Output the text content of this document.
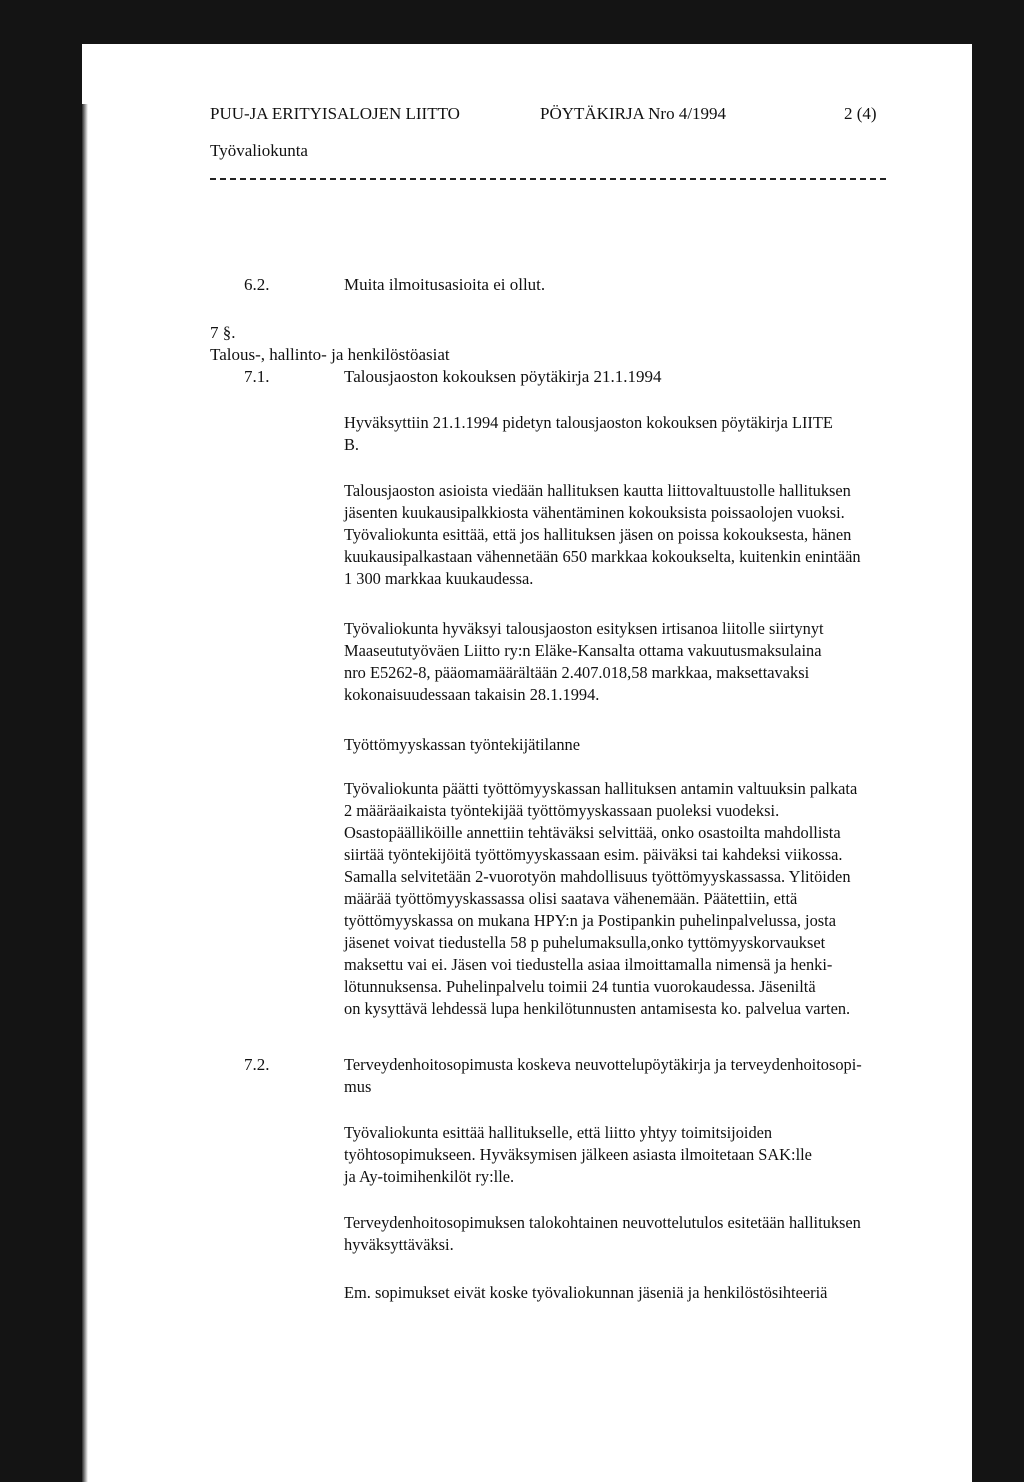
PUU-JA ERITYISALOJEN LIITTO	PÖYTÄKIRJA Nro 4/1994	2 (4)
Työvaliokunta
6.2.	Muita ilmoitusasioita ei ollut.
7 §.
Talous-, hallinto- ja henkilöstöasiat
7.1.	Talousjaoston kokouksen pöytäkirja 21.1.1994
Hyväksyttiin 21.1.1994 pidetyn talousjaoston kokouksen pöytäkirja LIITE
B.
Talousjaoston asioista viedään hallituksen kautta liittovaltuustolle hallituksen
jäsenten kuukausipalkkiosta vähentäminen kokouksista poissaolojen vuoksi.
Työvaliokunta esittää, että jos hallituksen jäsen on poissa kokouksesta, hänen
kuukausipalkastaan vähennetään 650 markkaa kokoukselta, kuitenkin enintään
1 300 markkaa kuukaudessa.
Työvaliokunta hyväksyi talousjaoston esityksen irtisanoa liitolle siirtynyt
Maaseututyöväen Liitto ry:n Eläke-Kansalta ottama vakuutusmaksulaina
nro E5262-8, pääomamäärältään 2.407.018,58 markkaa, maksettavaksi
kokonaisuudessaan takaisin 28.1.1994.
Työttömyyskassan työntekijätilanne
Työvaliokunta päätti työttömyyskassan hallituksen antamin valtuuksin palkata
2 määräaikaista työntekijää työttömyyskassaan puoleksi vuodeksi.
Osastopäälliköille annettiin tehtäväksi selvittää, onko osastoilta mahdollista
siirtää työntekijöitä työttömyyskassaan esim. päiväksi tai kahdeksi viikossa.
Samalla selvitetään 2-vuorotyön mahdollisuus työttömyyskassassa. Ylitöiden
määrää työttömyyskassassa olisi saatava vähenemään. Päätettiin, että
työttömyyskassa on mukana HPY:n ja Postipankin puhelinpalvelussa, josta
jäsenet voivat tiedustella 58 p puhelumaksulla,onko tyttömyyskorvaukset
maksettu vai ei. Jäsen voi tiedustella asiaa ilmoittamalla nimensä ja henki-
lötunnuksensa. Puhelinpalvelu toimii 24 tuntia vuorokaudessa. Jäseniltä
on kysyttävä lehdessä lupa henkilötunnusten antamisesta ko. palvelua varten.
7.2.	Terveydenhoitosopimusta koskeva neuvottelupöytäkirja ja terveydenhoitosopi-
mus
Työvaliokunta esittää hallitukselle, että liitto yhtyy toimitsijoiden
työhtosopimukseen. Hyväksymisen jälkeen asiasta ilmoitetaan SAK:lle
ja Ay-toimihenkilöt ry:lle.
Terveydenhoitosopimuksen talokohtainen neuvottelutulos esitetään hallituksen
hyväksyttäväksi.
Em. sopimukset eivät koske työvaliokunnan jäseniä ja henkilöstösihteeriä
